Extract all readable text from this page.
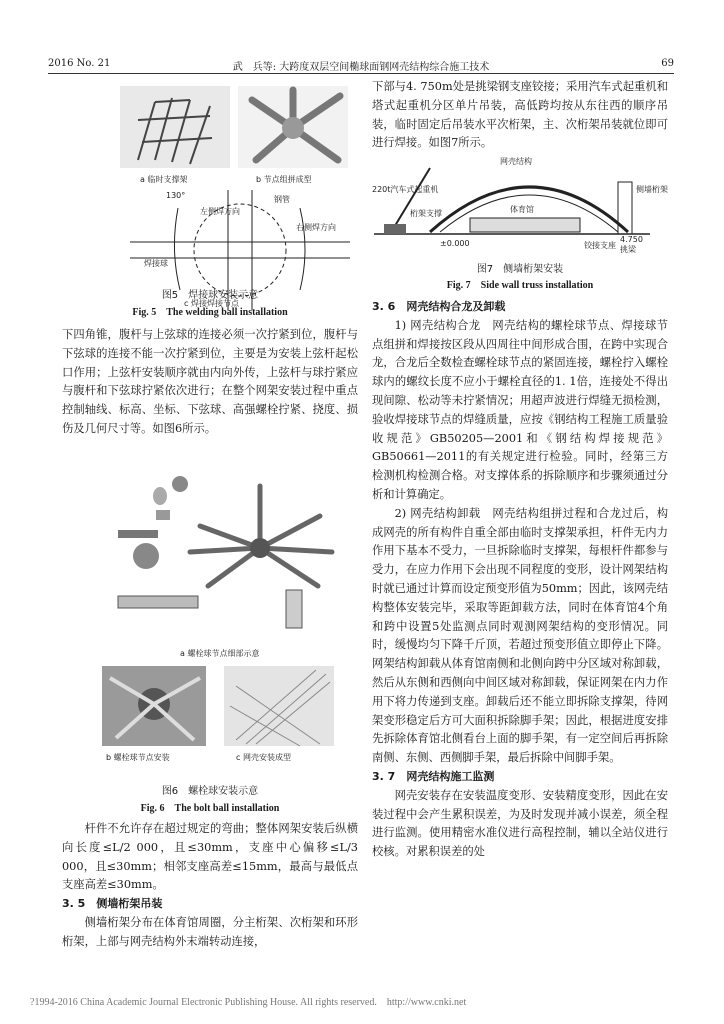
2016 No. 21	武　兵等: 大跨度双层空间椭球面钢网壳结构综合施工技术	69
a 临时支撑架	b 节点组拼成型
钢管
左侧焊方向
右侧焊方向
焊接球
130°
c 焊接焊接节点
图5　焊接球安装示意
Fig. 5　The welding ball installation

下四角锥，腹杆与上弦球的连接必须一次拧紧到位，腹杆与下弦球的连接不能一次拧紧到位，主要是为安装上弦杆起松口作用；上弦杆安装顺序就由内向外传，上弦杆与球拧紧应与腹杆和下弦球拧紧依次进行；在整个网架安装过程中重点控制轴线、标高、坐标、下弦球、高强螺栓拧紧、挠度、损伤及几何尺寸等。如图6所示。

a 螺栓球节点细部示意
b 螺栓球节点安装	c 网壳安装成型
图6　螺栓球安装示意
Fig. 6　The bolt ball installation

杆件不允许存在超过规定的弯曲；整体网架安装后纵横向长度≤L/2 000，且≤30mm，支座中心偏移≤L/3 000，且≤30mm；相邻支座高差≤15mm，最高与最低点支座高差≤30mm。

3. 5　侧墙桁架吊装

侧墙桁架分布在体育馆周圈，分主桁架、次桁架和环形桁架，上部与网壳结构外末端转动连接，

下部与4. 750m处是挑梁钢支座铰接；采用汽车式起重机和塔式起重机分区单片吊装，高低跨均按从东往西的顺序吊装，临时固定后吊装水平次桁架，主、次桁架吊装就位即可进行焊接。如图7所示。

网壳结构
220t汽车式起重机
桁架支撑	体育馆
±0.000	铰接支座
侧墙桁架
4.750
挑梁
图7　侧墙桁架安装
Fig. 7　Side wall truss installation

3. 6　网壳结构合龙及卸载

1) 网壳结构合龙　网壳结构的螺栓球节点、焊接球节点组拼和焊接按区段从四周往中间形成合围，在跨中实现合龙，合龙后全数检查螺栓球节点的紧固连接，螺栓拧入螺栓球内的螺纹长度不应小于螺栓直径的1. 1倍，连接处不得出现间隙、松动等未拧紧情况；用超声波进行焊缝无损检测，验收焊接球节点的焊缝质量，应按《钢结构工程施工质量验收规范》GB50205—2001和《钢结构焊接规范》GB50661—2011的有关规定进行检验。同时，经第三方检测机构检测合格。对支撑体系的拆除顺序和步骤须通过分析和计算确定。

2) 网壳结构卸载　网壳结构组拼过程和合龙过后，构成网壳的所有构件自重全部由临时支撑架承担，杆件无内力作用下基本不受力，一旦拆除临时支撑架，每根杆件都参与受力，在应力作用下会出现不同程度的变形，设计网架结构时就已通过计算而设定预变形值为50mm；因此，该网壳结构整体安装完毕，采取等距卸载方法，同时在体育馆4个角和跨中设置5处监测点同时观测网架结构的变形情况。同时，缓慢均匀下降千斤顶，若超过预变形值立即停止下降。网架结构卸载从体育馆南侧和北侧向跨中分区域对称卸载，然后从东侧和西侧向中间区域对称卸载，保证网架在内力作用下将力传递到支座。卸载后还不能立即拆除支撑架，待网架变形稳定后方可大面积拆除脚手架；因此，根据进度安排先拆除体育馆北侧看台上面的脚手架，有一定空间后再拆除南侧、东侧、西侧脚手架，最后拆除中间脚手架。

3. 7　网壳结构施工监测

网壳安装存在安装温度变形、安装精度变形，因此在安装过程中会产生累积误差，为及时发现并减小误差，须全程进行监测。使用精密水准仪进行高程控制，辅以全站仪进行校核。对累积误差的处

?1994-2016 China Academic Journal Electronic Publishing House. All rights reserved.　http://www.cnki.net
